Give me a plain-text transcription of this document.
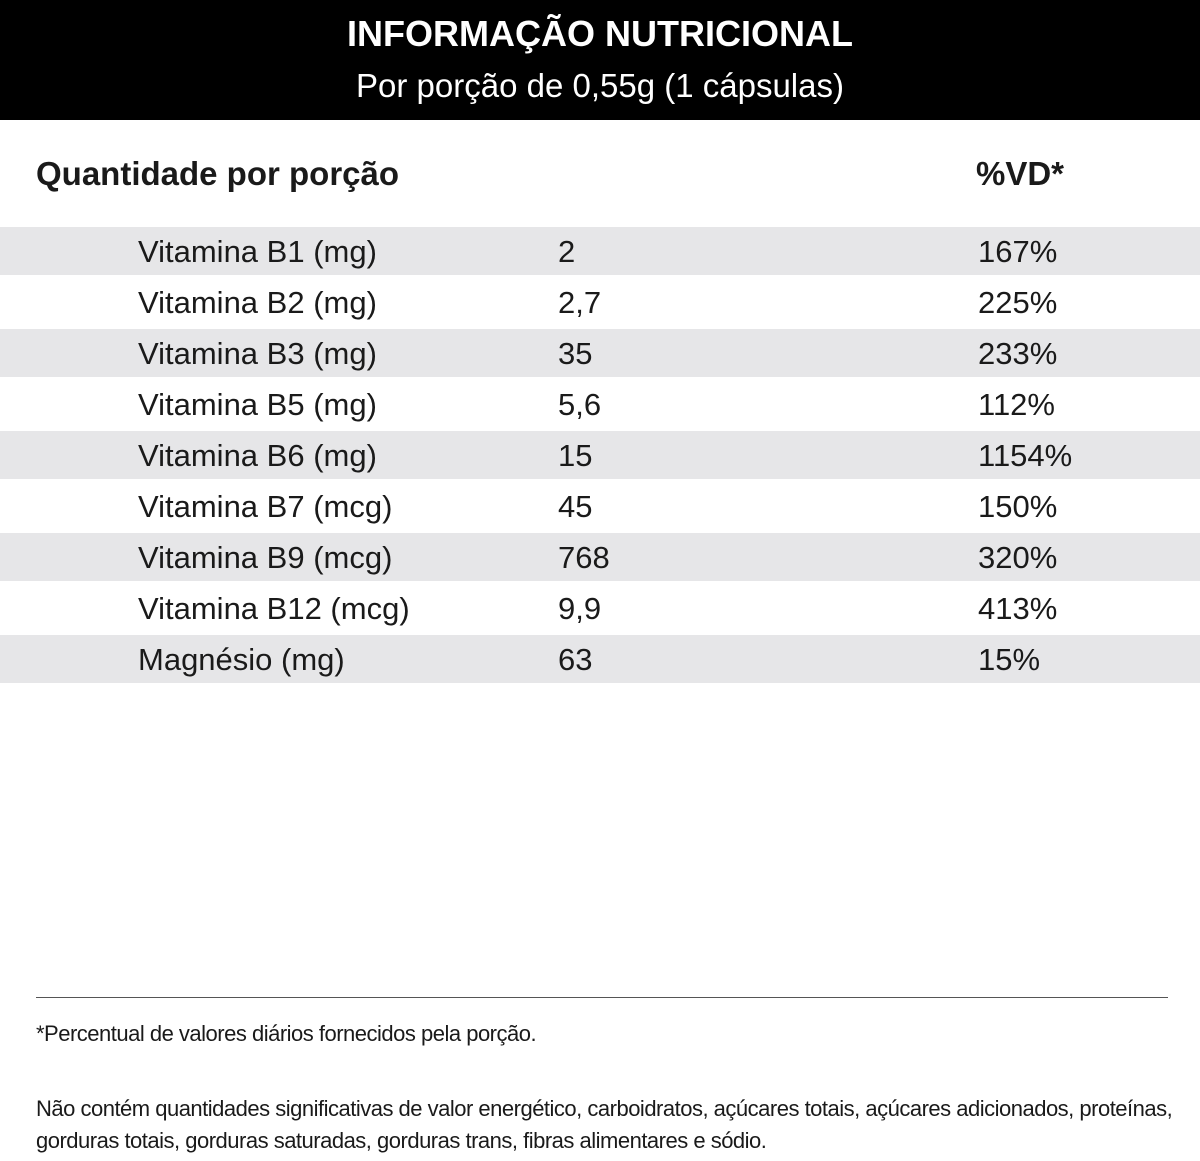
INFORMAÇÃO NUTRICIONAL
Por porção de 0,55g (1 cápsulas)
Quantidade por porção	%VD*
Vitamina B1 (mg)	2	167%
Vitamina B2 (mg)	2,7	225%
Vitamina B3 (mg)	35	233%
Vitamina B5 (mg)	5,6	112%
Vitamina B6 (mg)	15	1154%
Vitamina B7 (mcg)	45	150%
Vitamina B9 (mcg)	768	320%
Vitamina B12 (mcg)	9,9	413%
Magnésio (mg)	63	15%
*Percentual de valores diários fornecidos pela porção.
Não contém quantidades significativas de valor energético, carboidratos, açúcares totais, açúcares adicionados, proteínas, gorduras totais, gorduras saturadas, gorduras trans, fibras alimentares e sódio.
